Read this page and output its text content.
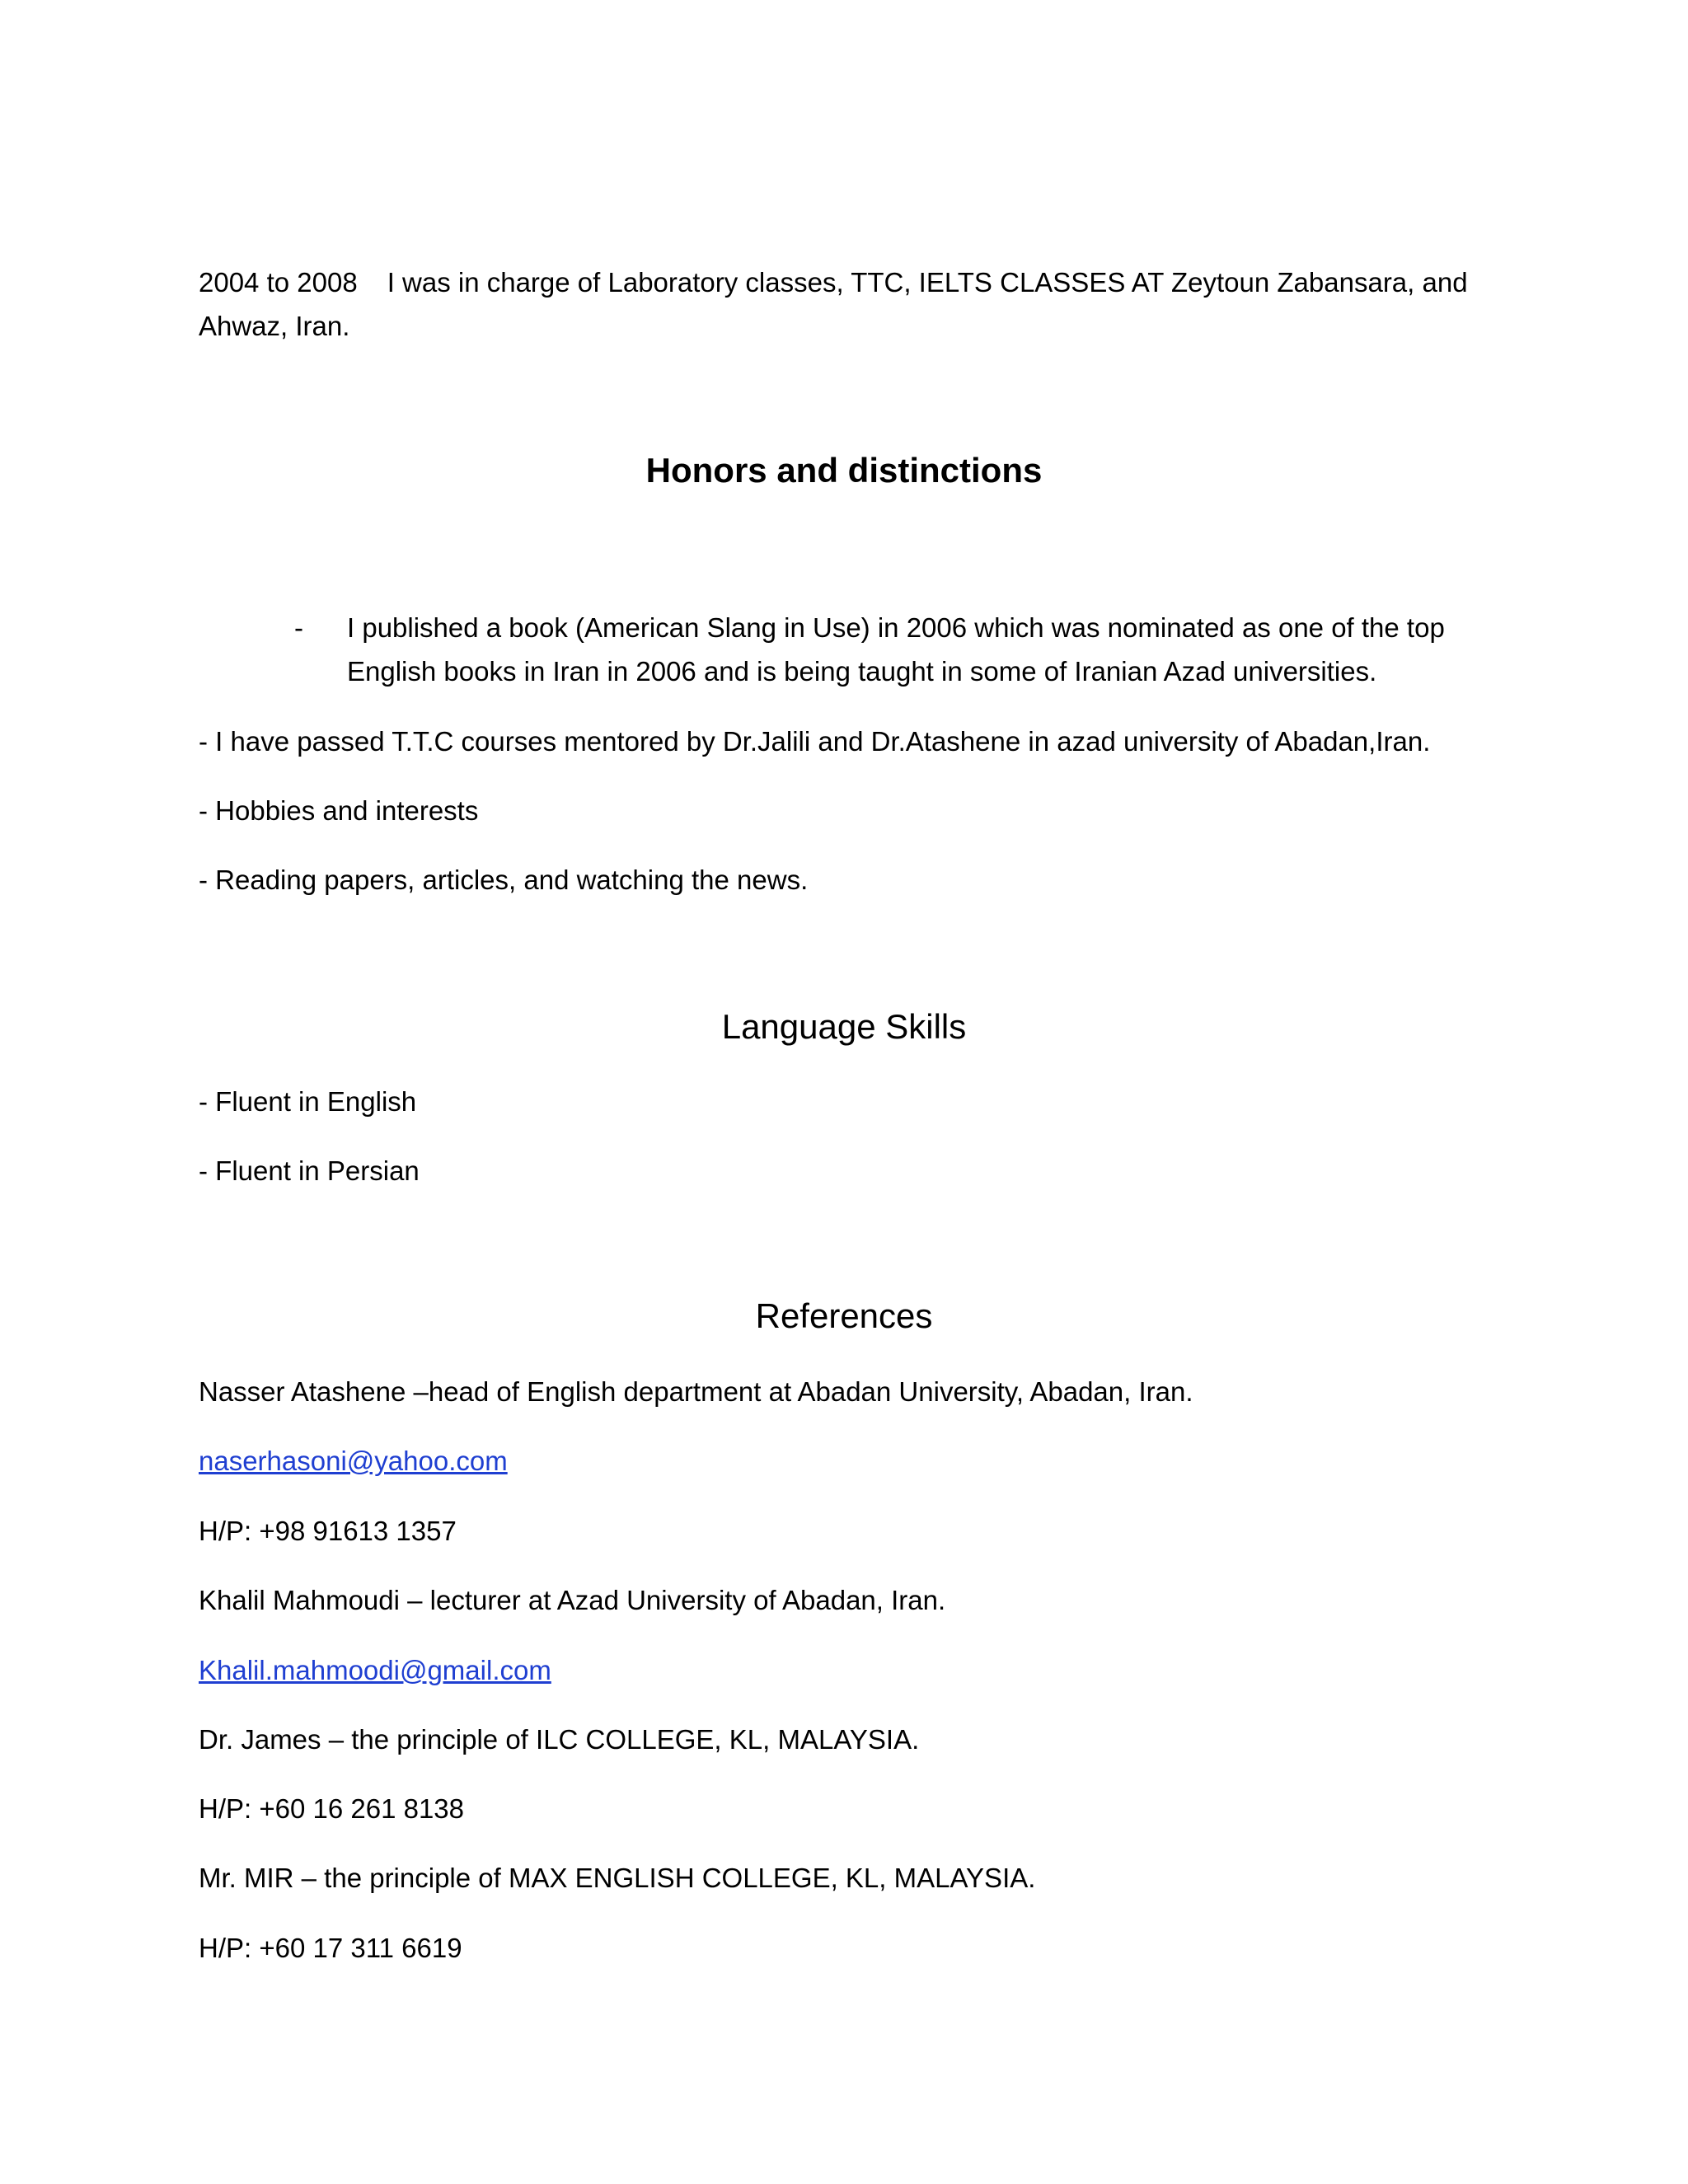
2004 to 2008 I was in charge of Laboratory classes, TTC, IELTS CLASSES AT Zeytoun Zabansara, and

Ahwaz, Iran.

Honors and distinctions
- I published a book (American Slang in Use) in 2006 which was nominated as one of the top

English books in Iran in 2006 and is being taught in some of Iranian Azad universities.

- I have passed T.T.C courses mentored by Dr.Jalili and Dr.Atashene in azad university of Abadan,Iran.

- Hobbies and interests

- Reading papers, articles, and watching the news.

Language Skills

- Fluent in English

- Fluent in Persian

References

Nasser Atashene –head of English department at Abadan University, Abadan, Iran.

naserhasoni@yahoo.com

H/P: +98 91613 1357

Khalil Mahmoudi – lecturer at Azad University of Abadan, Iran.

Khalil.mahmoodi@gmail.com

Dr. James – the principle of ILC COLLEGE, KL, MALAYSIA.

H/P: +60 16 261 8138

Mr. MIR – the principle of MAX ENGLISH COLLEGE, KL, MALAYSIA.

H/P: +60 17 311 6619
